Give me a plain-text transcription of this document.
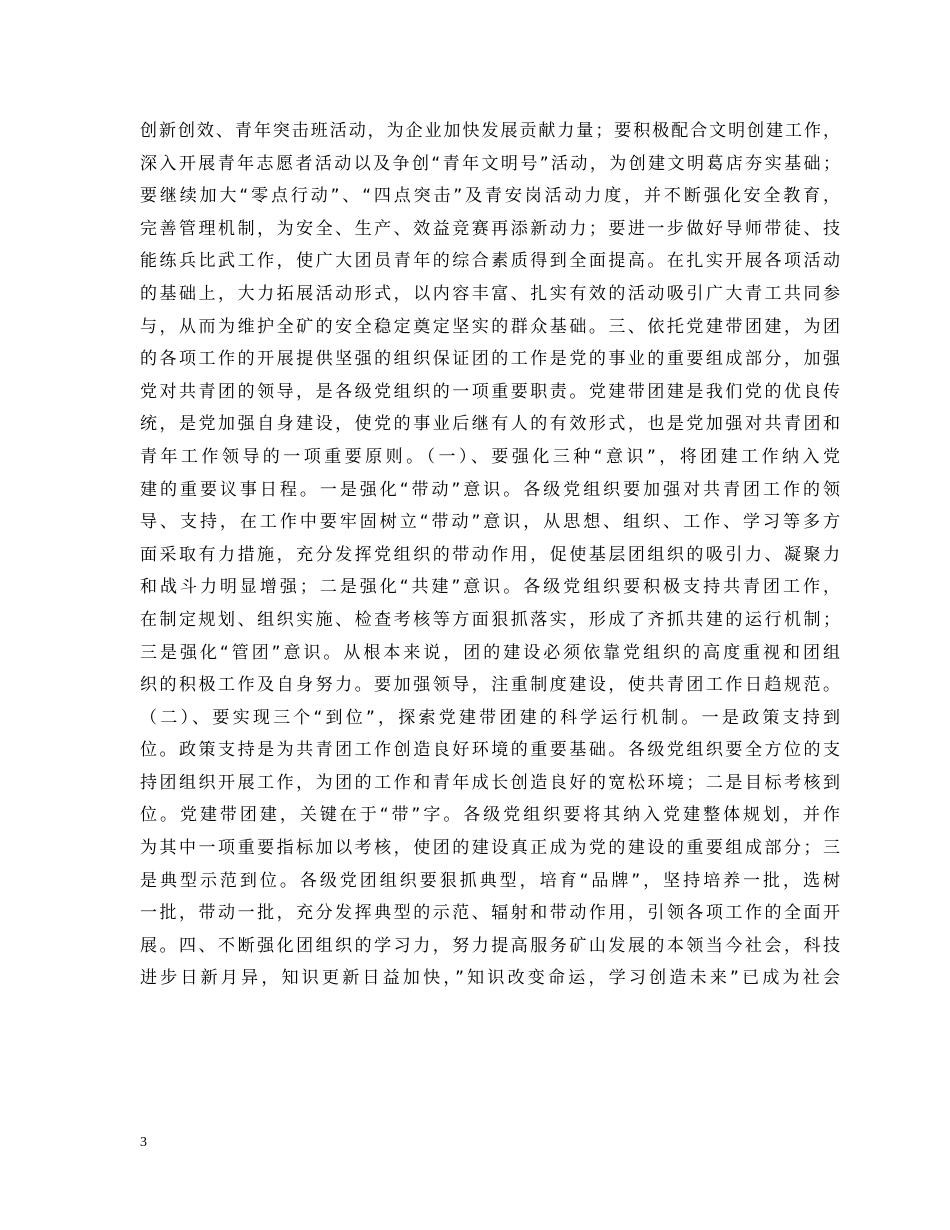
创新创效、青年突击班活动，为企业加快发展贡献力量；要积极配合文明创建工作，
深入开展青年志愿者活动以及争创“青年文明号”活动，为创建文明葛店夯实基础；
要继续加大“零点行动”、“四点突击”及青安岗活动力度，并不断强化安全教育，
完善管理机制，为安全、生产、效益竞赛再添新动力；要进一步做好导师带徒、技
能练兵比武工作，使广大团员青年的综合素质得到全面提高。在扎实开展各项活动
的基础上，大力拓展活动形式，以内容丰富、扎实有效的活动吸引广大青工共同参
与，从而为维护全矿的安全稳定奠定坚实的群众基础。三、依托党建带团建，为团
的各项工作的开展提供坚强的组织保证团的工作是党的事业的重要组成部分，加强
党对共青团的领导，是各级党组织的一项重要职责。党建带团建是我们党的优良传
统，是党加强自身建设，使党的事业后继有人的有效形式，也是党加强对共青团和
青年工作领导的一项重要原则。（一）、要强化三种“意识”，将团建工作纳入党
建的重要议事日程。一是强化“带动”意识。各级党组织要加强对共青团工作的领
导、支持，在工作中要牢固树立“带动”意识，从思想、组织、工作、学习等多方
面采取有力措施，充分发挥党组织的带动作用，促使基层团组织的吸引力、凝聚力
和战斗力明显增强；二是强化“共建”意识。各级党组织要积极支持共青团工作，
在制定规划、组织实施、检查考核等方面狠抓落实，形成了齐抓共建的运行机制；
三是强化“管团”意识。从根本来说，团的建设必须依靠党组织的高度重视和团组
织的积极工作及自身努力。要加强领导，注重制度建设，使共青团工作日趋规范。
（二）、要实现三个“到位”，探索党建带团建的科学运行机制。一是政策支持到
位。政策支持是为共青团工作创造良好环境的重要基础。各级党组织要全方位的支
持团组织开展工作，为团的工作和青年成长创造良好的宽松环境；二是目标考核到
位。党建带团建，关键在于“带”字。各级党组织要将其纳入党建整体规划，并作
为其中一项重要指标加以考核，使团的建设真正成为党的建设的重要组成部分；三
是典型示范到位。各级党团组织要狠抓典型，培育“品牌”，坚持培养一批，选树
一批，带动一批，充分发挥典型的示范、辐射和带动作用，引领各项工作的全面开
展。四、不断强化团组织的学习力，努力提高服务矿山发展的本领当今社会，科技
进步日新月异，知识更新日益加快，”知识改变命运，学习创造未来”已成为社会
3
